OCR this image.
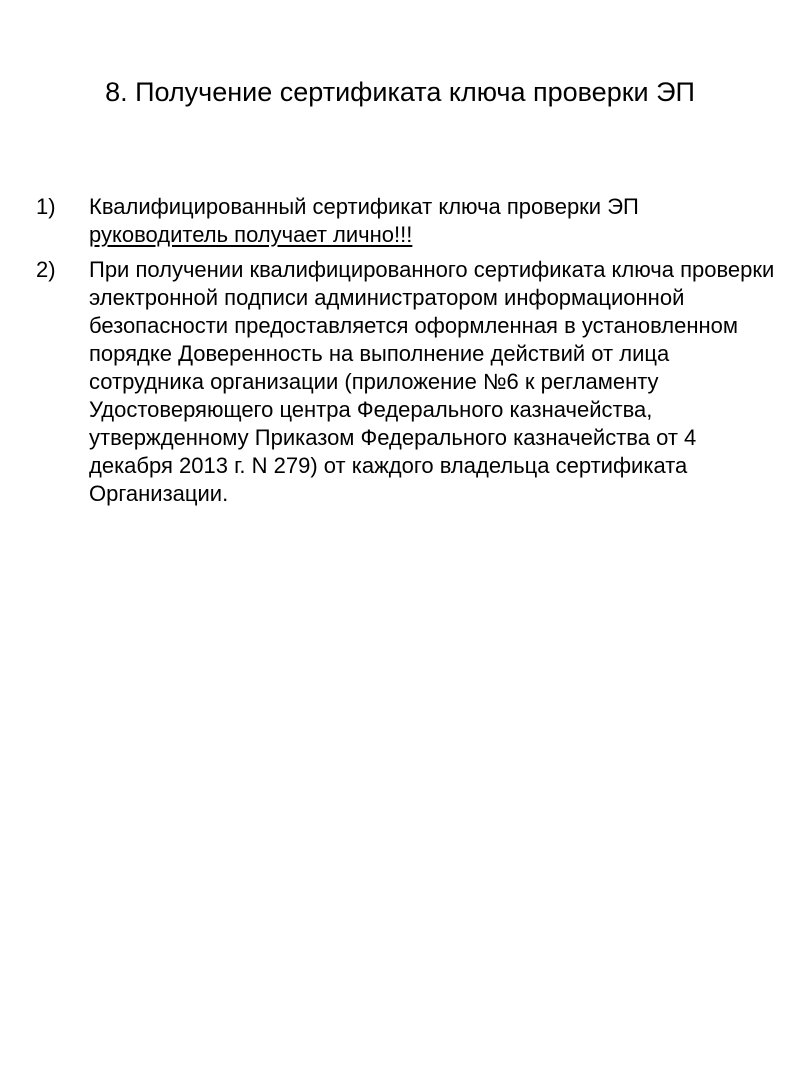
8. Получение сертификата ключа проверки ЭП
1) Квалифицированный сертификат ключа проверки ЭП руководитель получает лично!!!
2) При получении квалифицированного сертификата ключа проверки электронной подписи администратором информационной безопасности предоставляется оформленная в установленном порядке Доверенность на выполнение действий от лица сотрудника организации (приложение №6 к регламенту Удостоверяющего центра Федерального казначейства, утвержденному Приказом Федерального казначейства от 4 декабря 2013 г. N 279) от каждого владельца сертификата Организации.
